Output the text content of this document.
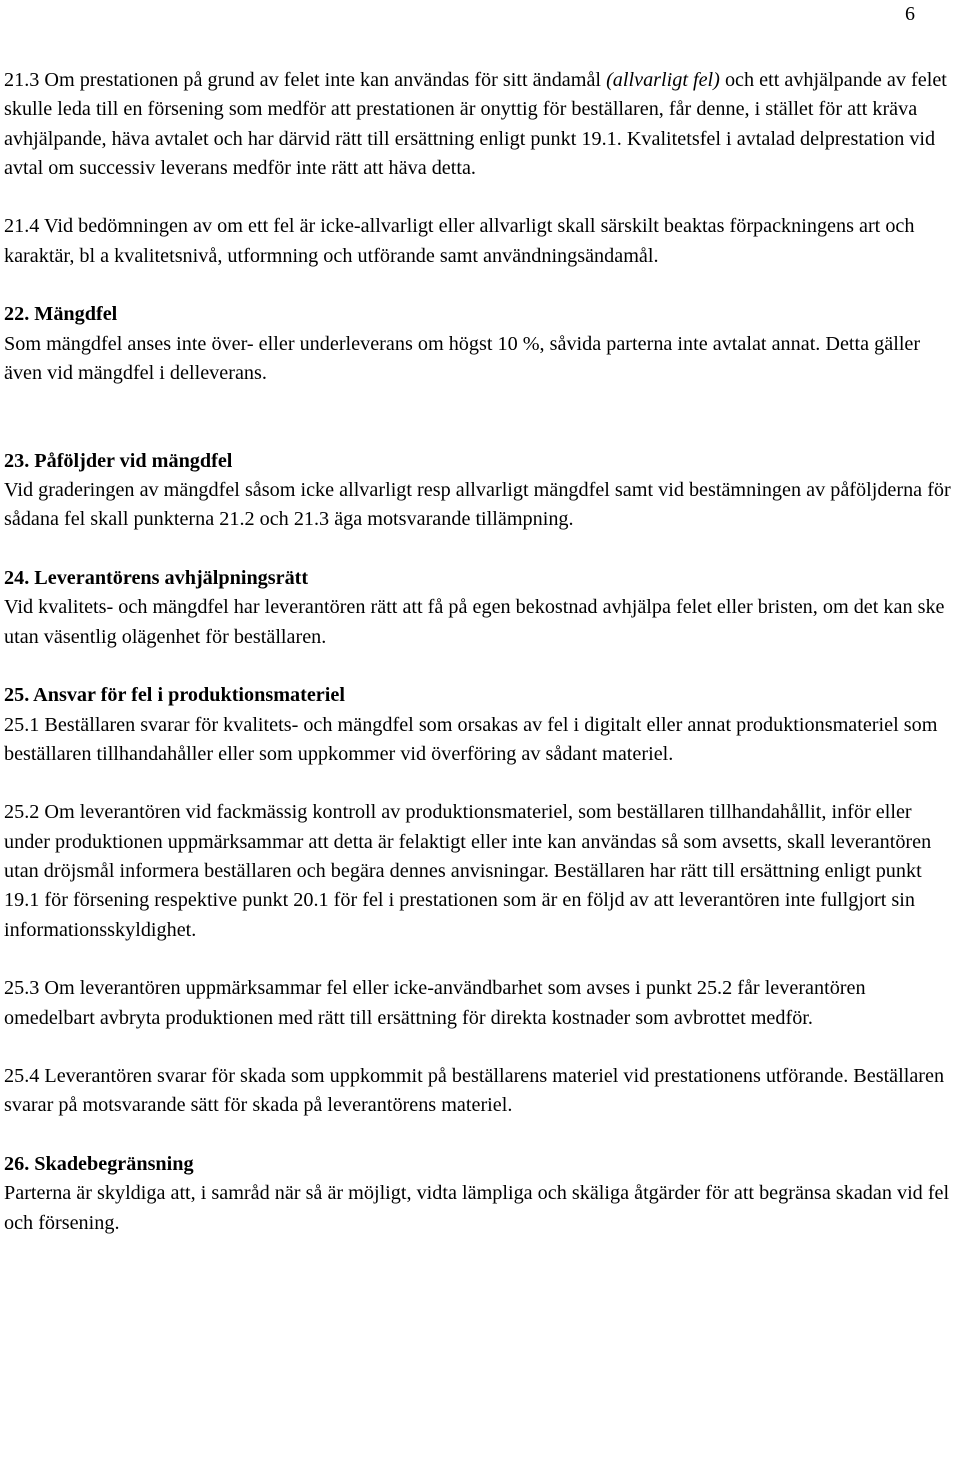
6

21.3 Om prestationen på grund av felet inte kan användas för sitt ändamål (allvarligt fel) och ett avhjälpande av felet skulle leda till en försening som medför att prestationen är onyttig för beställaren, får denne, i stället för att kräva avhjälpande, häva avtalet och har därvid rätt till ersättning enligt punkt 19.1. Kvalitetsfel i avtalad delprestation vid avtal om successiv leverans medför inte rätt att häva detta.

21.4 Vid bedömningen av om ett fel är icke-allvarligt eller allvarligt skall särskilt beaktas förpackningens art och karaktär, bl a kvalitetsnivå, utformning och utförande samt användningsändamål.

22. Mängdfel

Som mängdfel anses inte över- eller underleverans om högst 10 %, såvida parterna inte avtalat annat. Detta gäller även vid mängdfel i delleverans.

23. Påföljder vid mängdfel

Vid graderingen av mängdfel såsom icke allvarligt resp allvarligt mängdfel samt vid bestämningen av påföljderna för sådana fel skall punkterna 21.2 och 21.3 äga motsvarande tillämpning.

24. Leverantörens avhjälpningsrätt

Vid kvalitets- och mängdfel har leverantören rätt att få på egen bekostnad avhjälpa felet eller bristen, om det kan ske utan väsentlig olägenhet för beställaren.

25. Ansvar för fel i produktionsmateriel

25.1 Beställaren svarar för kvalitets- och mängdfel som orsakas av fel i digitalt eller annat produktionsmateriel som beställaren tillhandahåller eller som uppkommer vid överföring av sådant materiel.

25.2 Om leverantören vid fackmässig kontroll av produktionsmateriel, som beställaren tillhandahållit, inför eller under produktionen uppmärksammar att detta är felaktigt eller inte kan användas så som avsetts, skall leverantören utan dröjsmål informera beställaren och begära dennes anvisningar. Beställaren har rätt till ersättning enligt punkt 19.1 för försening respektive punkt 20.1 för fel i prestationen som är en följd av att leverantören inte fullgjort sin informationsskyldighet.

25.3 Om leverantören uppmärksammar fel eller icke-användbarhet som avses i punkt 25.2 får leverantören omedelbart avbryta produktionen med rätt till ersättning för direkta kostnader som avbrottet medför.

25.4 Leverantören svarar för skada som uppkommit på beställarens materiel vid prestationens utförande. Beställaren svarar på motsvarande sätt för skada på leverantörens materiel.

26. Skadebegränsning

Parterna är skyldiga att, i samråd när så är möjligt, vidta lämpliga och skäliga åtgärder för att begränsa skadan vid fel och försening.
